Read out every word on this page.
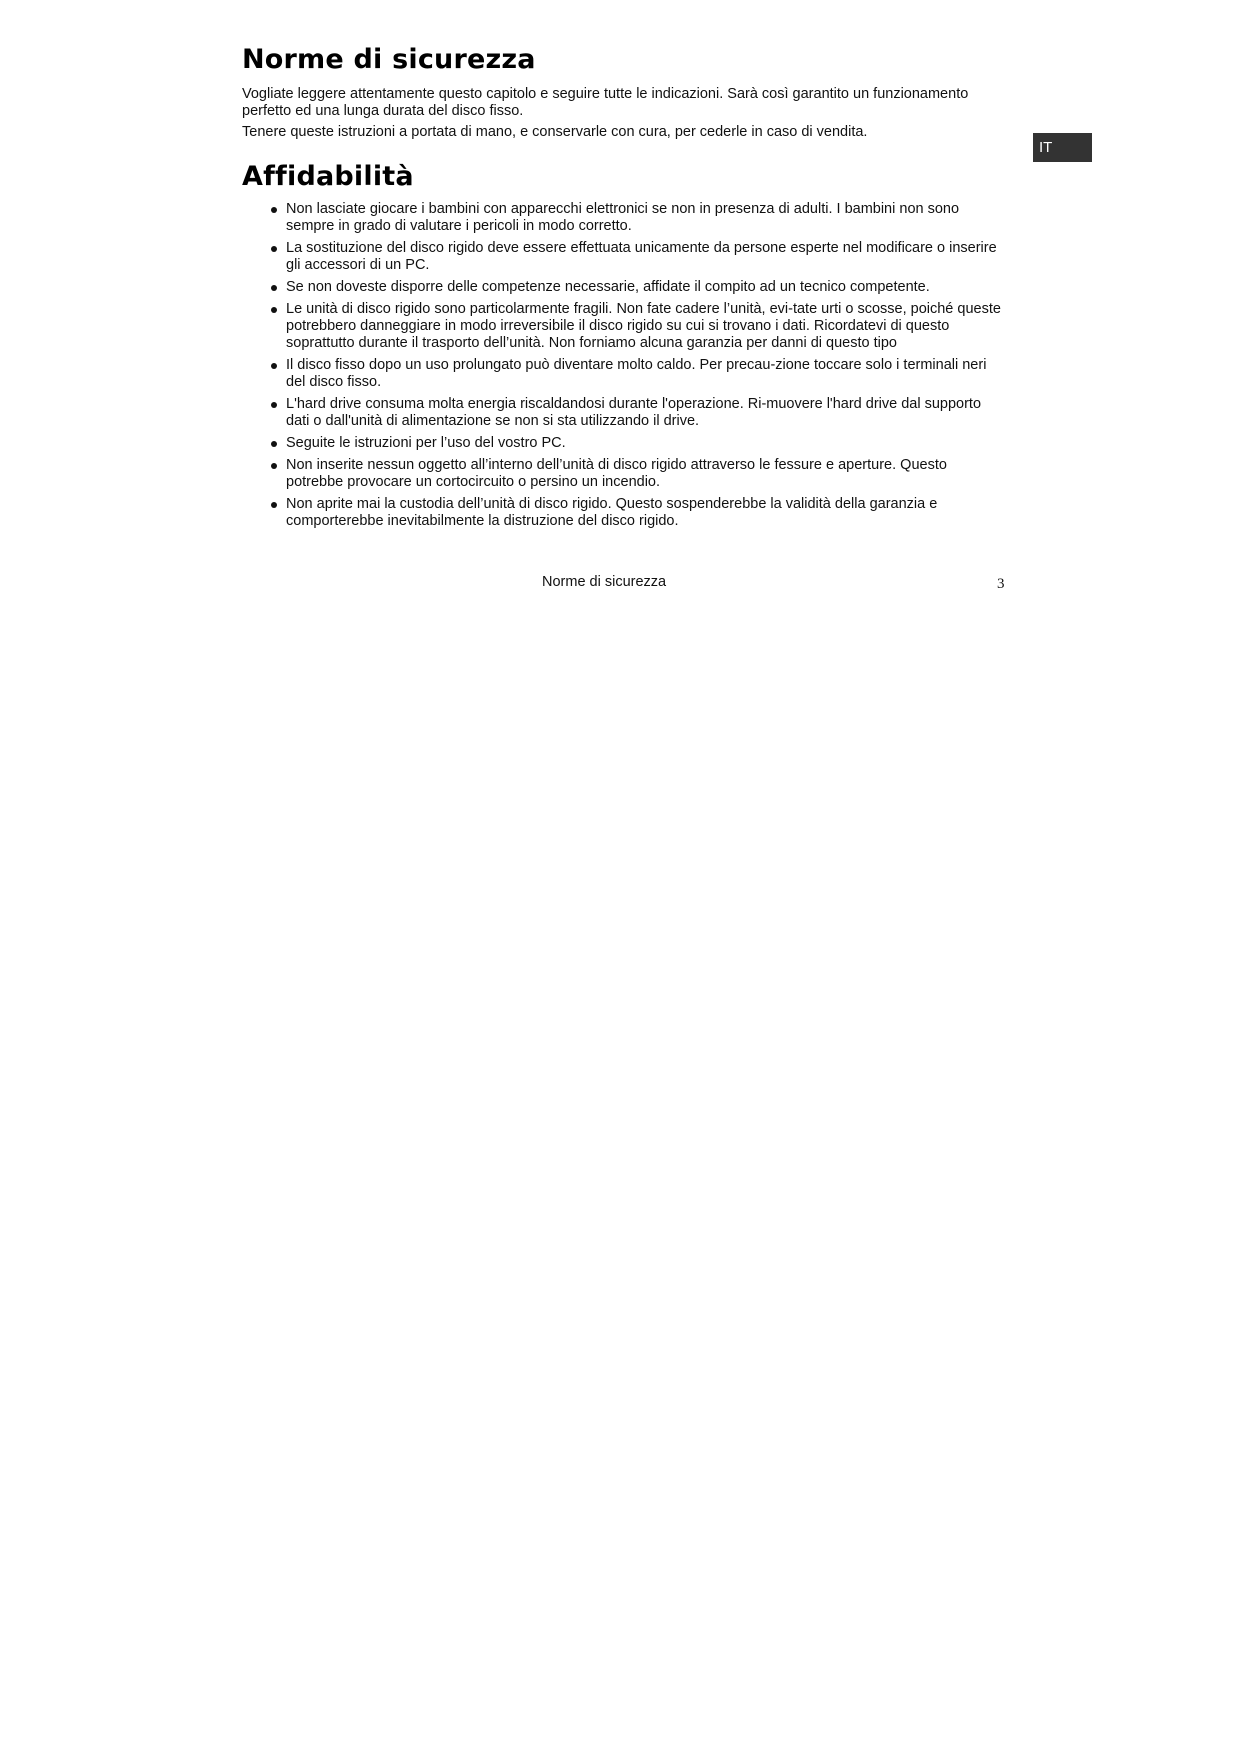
Norme di sicurezza

Vogliate leggere attentamente questo capitolo e seguire tutte le indicazioni. Sarà così garantito un funzionamento perfetto ed una lunga durata del disco fisso.

Tenere queste istruzioni a portata di mano, e conservarle con cura, per cederle in caso di vendita.

Affidabilità
Non lasciate giocare i bambini con apparecchi elettronici se non in presenza di adulti. I bambini non sono sempre in grado di valutare i pericoli in modo corretto.
La sostituzione del disco rigido deve essere effettuata unicamente da persone esperte nel modificare o inserire gli accessori di un PC.
Se non doveste disporre delle competenze necessarie, affidate il compito ad un tecnico competente.
Le unità di disco rigido sono particolarmente fragili. Non fate cadere l’unità, evi-tate urti o scosse, poiché queste potrebbero danneggiare in modo irreversibile il disco rigido su cui si trovano i dati. Ricordatevi di questo soprattutto durante il trasporto dell’unità. Non forniamo alcuna garanzia per danni di questo tipo
Il disco fisso dopo un uso prolungato può diventare molto caldo. Per precau-zione toccare solo i terminali neri del disco fisso.
L'hard drive consuma molta energia riscaldandosi durante l'operazione. Ri-muovere l'hard drive dal supporto dati o dall'unità di alimentazione se non si sta utilizzando il drive.
Seguite le istruzioni per l’uso del vostro PC.
Non inserite nessun oggetto all’interno dell’unità di disco rigido attraverso le fessure e aperture. Questo potrebbe provocare un cortocircuito o persino un incendio.
Non aprite mai la custodia dell’unità di disco rigido. Questo sospenderebbe la validità della garanzia e comporterebbe inevitabilmente la distruzione del disco rigido.
IT
Norme di sicurezza	3
